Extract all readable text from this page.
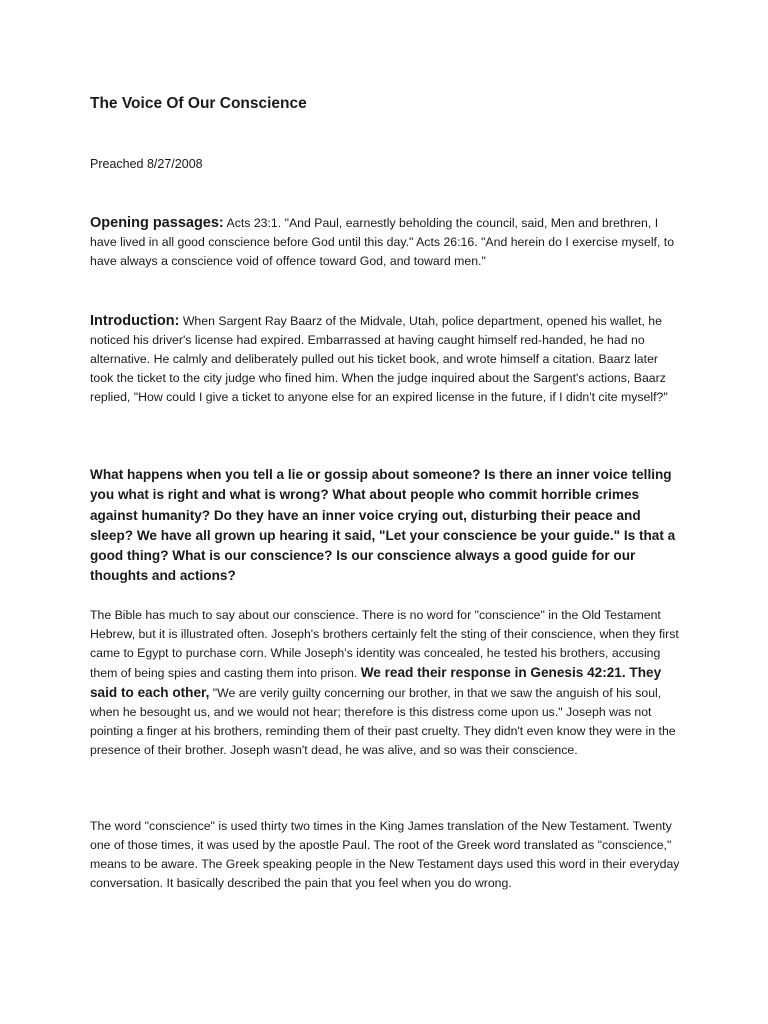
The Voice Of Our Conscience
Preached 8/27/2008

Opening passages: Acts 23:1. "And Paul, earnestly beholding the council, said, Men and brethren, I have lived in all good conscience before God until this day." Acts 26:16. "And herein do I exercise myself, to have always a conscience void of offence toward God, and toward men."

Introduction: When Sargent Ray Baarz of the Midvale, Utah, police department, opened his wallet, he noticed his driver's license had expired. Embarrassed at having caught himself red-handed, he had no alternative. He calmly and deliberately pulled out his ticket book, and wrote himself a citation. Baarz later took the ticket to the city judge who fined him. When the judge inquired about the Sargent's actions, Baarz replied, "How could I give a ticket to anyone else for an expired license in the future, if I didn't cite myself?"

What happens when you tell a lie or gossip about someone? Is there an inner voice telling you what is right and what is wrong? What about people who commit horrible crimes against humanity? Do they have an inner voice crying out, disturbing their peace and sleep? We have all grown up hearing it said, "Let your conscience be your guide." Is that a good thing? What is our conscience? Is our conscience always a good guide for our thoughts and actions?

The Bible has much to say about our conscience. There is no word for "conscience" in the Old Testament Hebrew, but it is illustrated often. Joseph's brothers certainly felt the sting of their conscience, when they first came to Egypt to purchase corn. While Joseph's identity was concealed, he tested his brothers, accusing them of being spies and casting them into prison. We read their response in Genesis 42:21. They said to each other, "We are verily guilty concerning our brother, in that we saw the anguish of his soul, when he besought us, and we would not hear; therefore is this distress come upon us." Joseph was not pointing a finger at his brothers, reminding them of their past cruelty. They didn't even know they were in the presence of their brother. Joseph wasn't dead, he was alive, and so was their conscience.

The word "conscience" is used thirty two times in the King James translation of the New Testament. Twenty one of those times, it was used by the apostle Paul. The root of the Greek word translated as "conscience," means to be aware. The Greek speaking people in the New Testament days used this word in their everyday conversation. It basically described the pain that you feel when you do wrong.
